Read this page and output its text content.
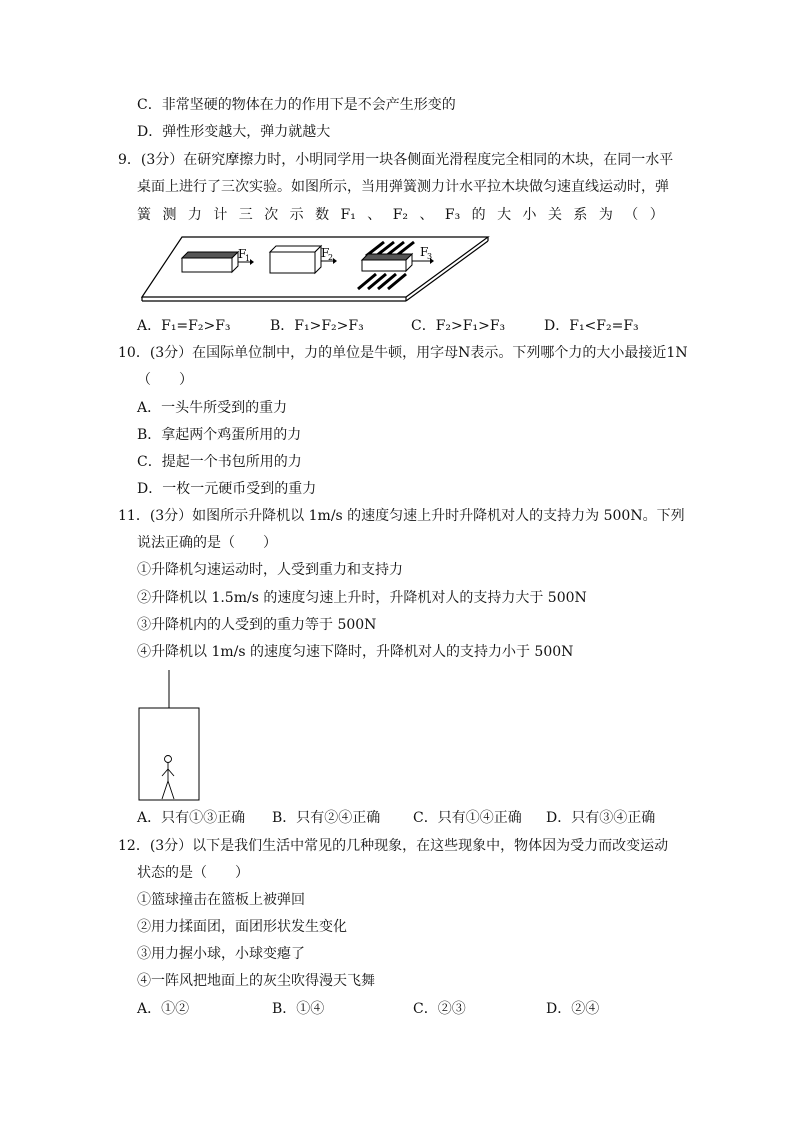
C．非常坚硬的物体在力的作用下是不会产生形变的
D．弹性形变越大，弹力就越大
9．(3分）在研究摩擦力时，小明同学用一块各侧面光滑程度完全相同的木块，在同一水平
桌面上进行了三次实验。如图所示，当用弹簧测力计水平拉木块做匀速直线运动时，弹
簧 测 力 计 三 次 示 数 F₁ 、 F₂ 、 F₃ 的 大 小 关 系 为 （ ）
F
1	F
2	F
3
A．F₁=F₂>F₃	B．F₁>F₂>F₃	C．F₂>F₁>F₃	D．F₁<F₂=F₃
10．(3分）在国际单位制中，力的单位是牛顿，用字母N表示。下列哪个力的大小最接近1N
（　　）
A．一头牛所受到的重力
B．拿起两个鸡蛋所用的力
C．提起一个书包所用的力
D．一枚一元硬币受到的重力
11．(3分）如图所示升降机以 1m/s 的速度匀速上升时升降机对人的支持力为 500N。下列
说法正确的是（　　）
①升降机匀速运动时，人受到重力和支持力
②升降机以 1.5m/s 的速度匀速上升时，升降机对人的支持力大于 500N
③升降机内的人受到的重力等于 500N
④升降机以 1m/s 的速度匀速下降时，升降机对人的支持力小于 500N
A．只有①③正确 B．只有②④正确 C．只有①④正确 D．只有③④正确
12．(3分）以下是我们生活中常见的几种现象，在这些现象中，物体因为受力而改变运动
状态的是（　　）
①篮球撞击在篮板上被弹回
②用力揉面团，面团形状发生变化
③用力握小球，小球变瘪了
④一阵风把地面上的灰尘吹得漫天飞舞
A．①②	B．①④	C．②③	D．②④
